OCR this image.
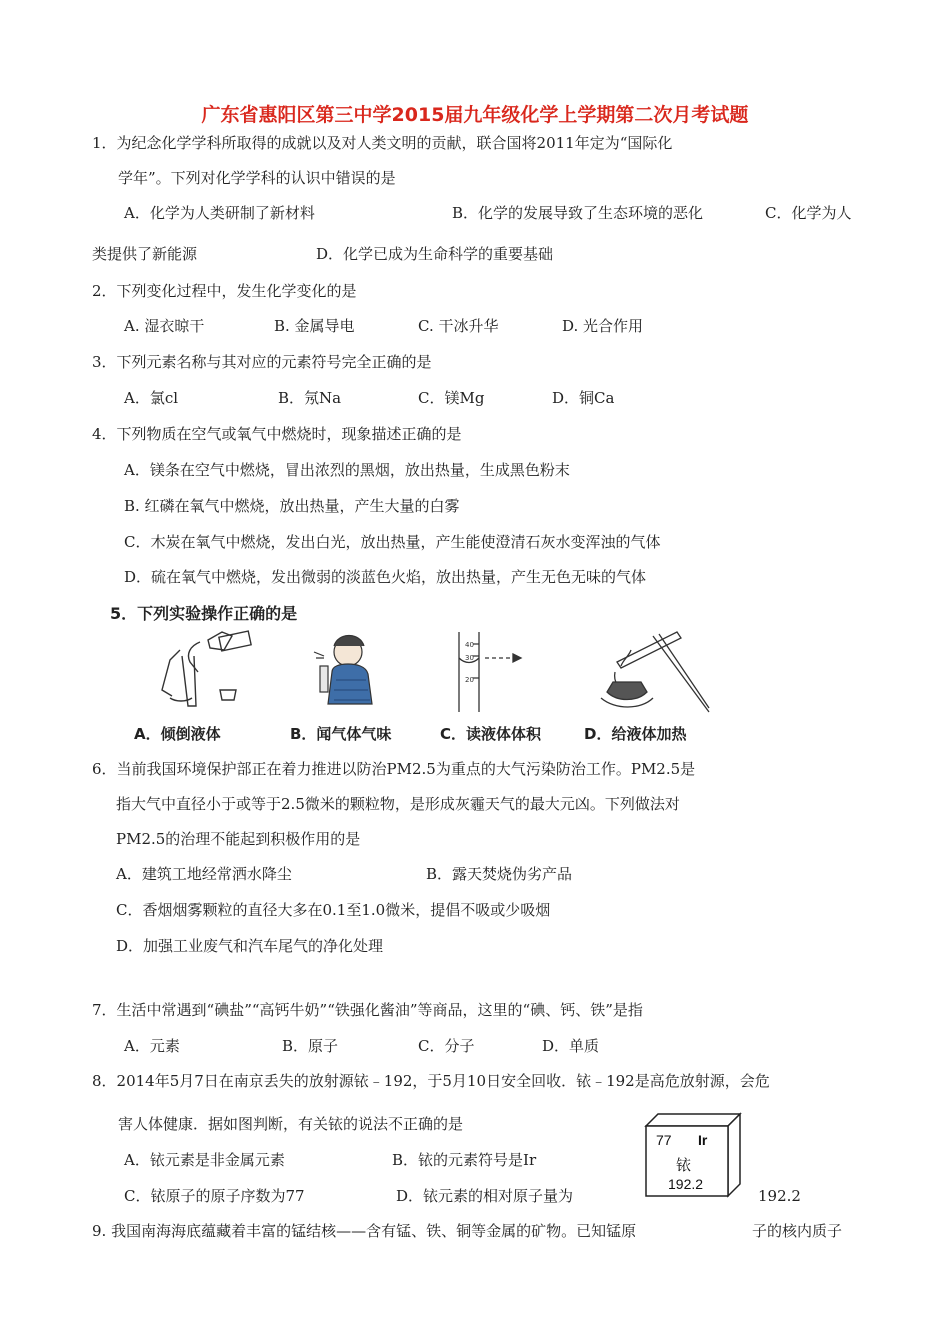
广东省惠阳区第三中学2015届九年级化学上学期第二次月考试题
1．为纪念化学学科所取得的成就以及对人类文明的贡献，联合国将2011年定为“国际化
学年”。下列对化学学科的认识中错误的是
A．化学为人类研制了新材料	B．化学的发展导致了生态环境的恶化	C．化学为人
类提供了新能源	D．化学已成为生命科学的重要基础
2．下列变化过程中，发生化学变化的是
A. 湿衣晾干	B. 金属导电	C. 干冰升华	D. 光合作用
3．下列元素名称与其对应的元素符号完全正确的是
A．氯cl	B．氖Na	C．镁Mg	D．铜Ca
4．下列物质在空气或氧气中燃烧时，现象描述正确的是
A．镁条在空气中燃烧，冒出浓烈的黑烟，放出热量，生成黑色粉末
B. 红磷在氧气中燃烧，放出热量，产生大量的白雾
C．木炭在氧气中燃烧，发出白光，放出热量，产生能使澄清石灰水变浑浊的气体
D．硫在氧气中燃烧，发出微弱的淡蓝色火焰，放出热量，产生无色无味的气体
5．下列实验操作正确的是
40
30
20
A．倾倒液体	B．闻气体气味	C．读液体体积	D．给液体加热
6．当前我国环境保护部正在着力推进以防治PM2.5为重点的大气污染防治工作。PM2.5是
指大气中直径小于或等于2.5微米的颗粒物，是形成灰霾天气的最大元凶。下列做法对
PM2.5的治理不能起到积极作用的是
A．建筑工地经常洒水降尘	B．露天焚烧伪劣产品
C．香烟烟雾颗粒的直径大多在0.1至1.0微米，提倡不吸或少吸烟
D．加强工业废气和汽车尾气的净化处理
7．生活中常遇到“碘盐”“高钙牛奶”“铁强化酱油”等商品，这里的“碘、钙、铁”是指
A．元素	B．原子	C．分子	D．单质
8．2014年5月7日在南京丢失的放射源铱﹣192，于5月10日安全回收．铱﹣192是高危放射源，会危
害人体健康．据如图判断，有关铱的说法不正确的是
A．铱元素是非金属元素	B．铱的元素符号是Ir
C．铱原子的原子序数为77	D．铱元素的相对原子量为	192.2
77 Ir
铱
192.2
9. 我国南海海底蕴藏着丰富的锰结核——含有锰、铁、铜等金属的矿物。已知锰原	子的核内质子
